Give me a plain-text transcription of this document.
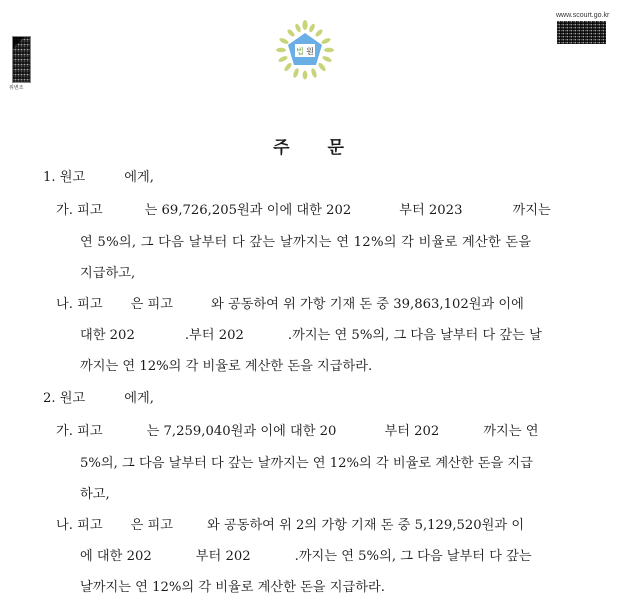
위변조
www.scourt.go.kr
법 원
주 문
1. 원고	에게,
가. 피고	는 69,726,205원과 이에 대한 202	부터 2023	까지는
연 5%의, 그 다음 날부터 다 갚는 날까지는 연 12%의 각 비율로 계산한 돈을
지급하고,
나. 피고 은 피고	와 공동하여 위 가항 기재 돈 중 39,863,102원과 이에
대한 202	.부터 202	.까지는 연 5%의, 그 다음 날부터 다 갚는 날
까지는 연 12%의 각 비율로 계산한 돈을 지급하라.
2. 원고	에게,
가. 피고	는 7,259,040원과 이에 대한 20	부터 202	까지는 연
5%의, 그 다음 날부터 다 갚는 날까지는 연 12%의 각 비율로 계산한 돈을 지급
하고,
나. 피고 은 피고	와 공동하여 위 2의 가항 기재 돈 중 5,129,520원과 이
에 대한 202	부터 202	.까지는 연 5%의, 그 다음 날부터 다 갚는
날까지는 연 12%의 각 비율로 계산한 돈을 지급하라.
